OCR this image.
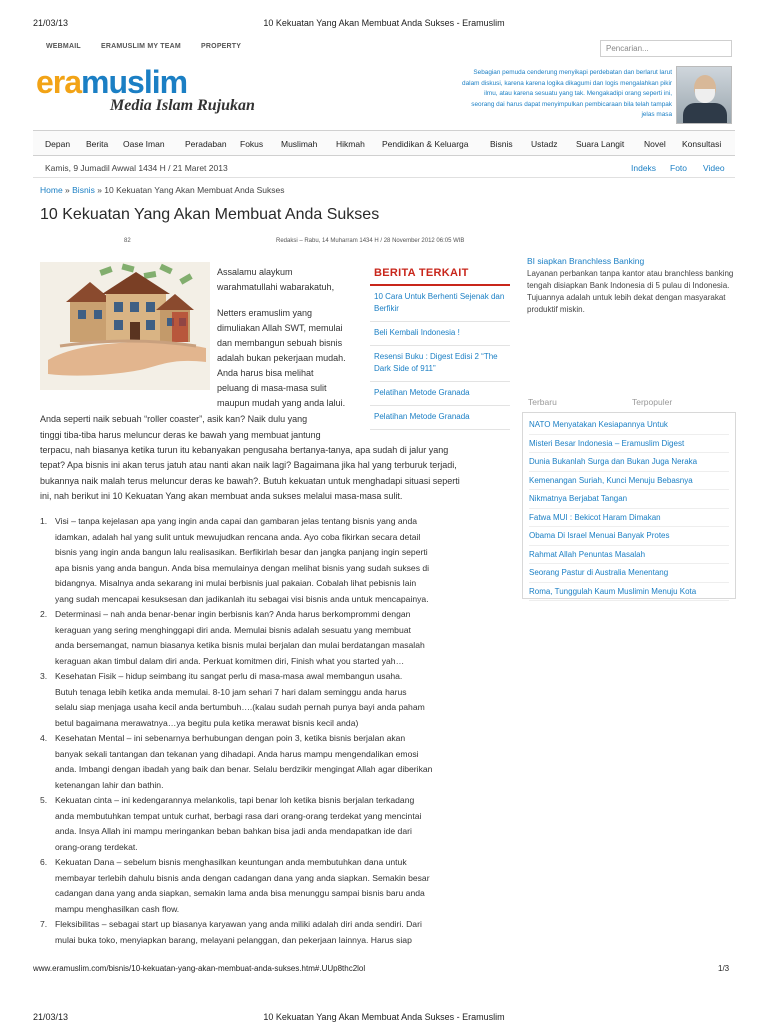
21/03/13	10 Kekuatan Yang Akan Membuat Anda Sukses - Eramuslim
WEBMAIL	ERAMUSLIM MY TEAM	PROPERTY	Pencarian...
eramuslim
Media Islam Rujukan
Sebagian pemuda cenderung menyikapi perdebatan dan berlarut larut dalam diskusi, karena karena logika dikagumi dan logis mengalahkan pikir ilmu, atau karena sesuatu yang tak. Mengakadipi orang seperti ini, seorang dai harus dapat menyimpulkan pembicaraan bila telah tampak jelas masa
Depan Berita Oase Iman Peradaban Fokus Muslimah Hikmah Pendidikan & Keluarga	Bisnis Ustadz Suara Langit Novel Konsultasi
Kamis, 9 Jumadil Awwal 1434 H / 21 Maret 2013	Indeks Foto Video
Home » Bisnis » 10 Kekuatan Yang Akan Membuat Anda Sukses
10 Kekuatan Yang Akan Membuat Anda Sukses
82	Redaksi – Rabu, 14 Muharram 1434 H / 28 November 2012 06:05 WIB
Assalamu alaykum
warahmatullahi wabarakatuh,
Netters eramuslim yang
dimuliakan Allah SWT, memulai
dan membangun sebuah bisnis
adalah bukan pekerjaan mudah.
Anda harus bisa melihat
peluang di masa-masa sulit
maupun mudah yang anda lalui.
Anda seperti naik sebuah “roller coaster”, asik kan? Naik dulu yang
tinggi tiba-tiba harus meluncur deras ke bawah yang membuat jantung
terpacu, nah biasanya ketika turun itu kebanyakan pengusaha bertanya-tanya, apa sudah di jalur yang
tepat? Apa bisnis ini akan terus jatuh atau nanti akan naik lagi? Bagaimana jika hal yang terburuk terjadi,
bukannya naik malah terus meluncur deras ke bawah?. Butuh kekuatan untuk menghadapi situasi seperti
ini, nah berikut ini 10 Kekuatan Yang akan membuat anda sukses melalui masa-masa sulit.
1. Visi – tanpa kejelasan apa yang ingin anda capai dan gambaran jelas tentang bisnis yang anda
idamkan, adalah hal yang sulit untuk mewujudkan rencana anda. Ayo coba fikirkan secara detail
bisnis yang ingin anda bangun lalu realisasikan. Berfikirlah besar dan jangka panjang ingin seperti
apa bisnis yang anda bangun. Anda bisa memulainya dengan melihat bisnis yang sudah sukses di
bidangnya. Misalnya anda sekarang ini mulai berbisnis jual pakaian. Cobalah lihat pebisnis lain
yang sudah mencapai kesuksesan dan jadikanlah itu sebagai visi bisnis anda untuk mencapainya.
2. Determinasi – nah anda benar-benar ingin berbisnis kan? Anda harus berkomprommi dengan
keraguan yang sering menghinggapi diri anda. Memulai bisnis adalah sesuatu yang membuat
anda bersemangat, namun biasanya ketika bisnis mulai berjalan dan mulai berdatangan masalah
keraguan akan timbul dalam diri anda. Perkuat komitmen diri, Finish what you started yah…
3. Kesehatan Fisik – hidup seimbang itu sangat perlu di masa-masa awal membangun usaha.
Butuh tenaga lebih ketika anda memulai. 8-10 jam sehari 7 hari dalam seminggu anda harus
selalu siap menjaga usaha kecil anda bertumbuh….(kalau sudah pernah punya bayi anda paham
betul bagaimana merawatnya…ya begitu pula ketika merawat bisnis kecil anda)
4. Kesehatan Mental – ini sebenarnya berhubungan dengan poin 3, ketika bisnis berjalan akan
banyak sekali tantangan dan tekanan yang dihadapi. Anda harus mampu mengendalikan emosi
anda. Imbangi dengan ibadah yang baik dan benar. Selalu berdzikir mengingat Allah agar diberikan
ketenangan lahir dan bathin.
5. Kekuatan cinta – ini kedengarannya melankolis, tapi benar loh ketika bisnis berjalan terkadang
anda membutuhkan tempat untuk curhat, berbagi rasa dari orang-orang terdekat yang mencintai
anda. Insya Allah ini mampu meringankan beban bahkan bisa jadi anda mendapatkan ide dari
orang-orang terdekat.
6. Kekuatan Dana – sebelum bisnis menghasilkan keuntungan anda membutuhkan dana untuk
membayar terlebih dahulu bisnis anda dengan cadangan dana yang anda siapkan. Semakin besar
cadangan dana yang anda siapkan, semakin lama anda bisa menunggu sampai bisnis baru anda
mampu menghasilkan cash flow.
7. Fleksibilitas – sebagai start up biasanya karyawan yang anda miliki adalah diri anda sendiri. Dari
mulai buka toko, menyiapkan barang, melayani pelanggan, dan pekerjaan lainnya. Harus siap
BERITA TERKAIT
10 Cara Untuk Berhenti Sejenak dan Berfikir
Beli Kembali Indonesia !
Resensi Buku : Digest Edisi 2 “The Dark Side of 911”
Pelatihan Metode Granada
Pelatihan Metode Granada
BI siapkan Branchless Banking
Layanan perbankan tanpa kantor atau branchless banking tengah disiapkan Bank Indonesia di 5 pulau di Indonesia. Tujuannya adalah untuk lebih dekat dengan masyarakat produktif miskin.
Terbaru	Terpopuler
NATO Menyatakan Kesiapannya Untuk
Misteri Besar Indonesia – Eramuslim Digest
Dunia Bukanlah Surga dan Bukan Juga Neraka
Kemenangan Suriah, Kunci Menuju Bebasnya
Nikmatnya Berjabat Tangan
Fatwa MUI : Bekicot Haram Dimakan
Obama Di Israel Menuai Banyak Protes
Rahmat Allah Penuntas Masalah
Seorang Pastur di Australia Menentang
Roma, Tunggulah Kaum Muslimin Menuju Kota
www.eramuslim.com/bisnis/10-kekuatan-yang-akan-membuat-anda-sukses.htm#.UUp8thc2lol	1/3
21/03/13	10 Kekuatan Yang Akan Membuat Anda Sukses - Eramuslim
